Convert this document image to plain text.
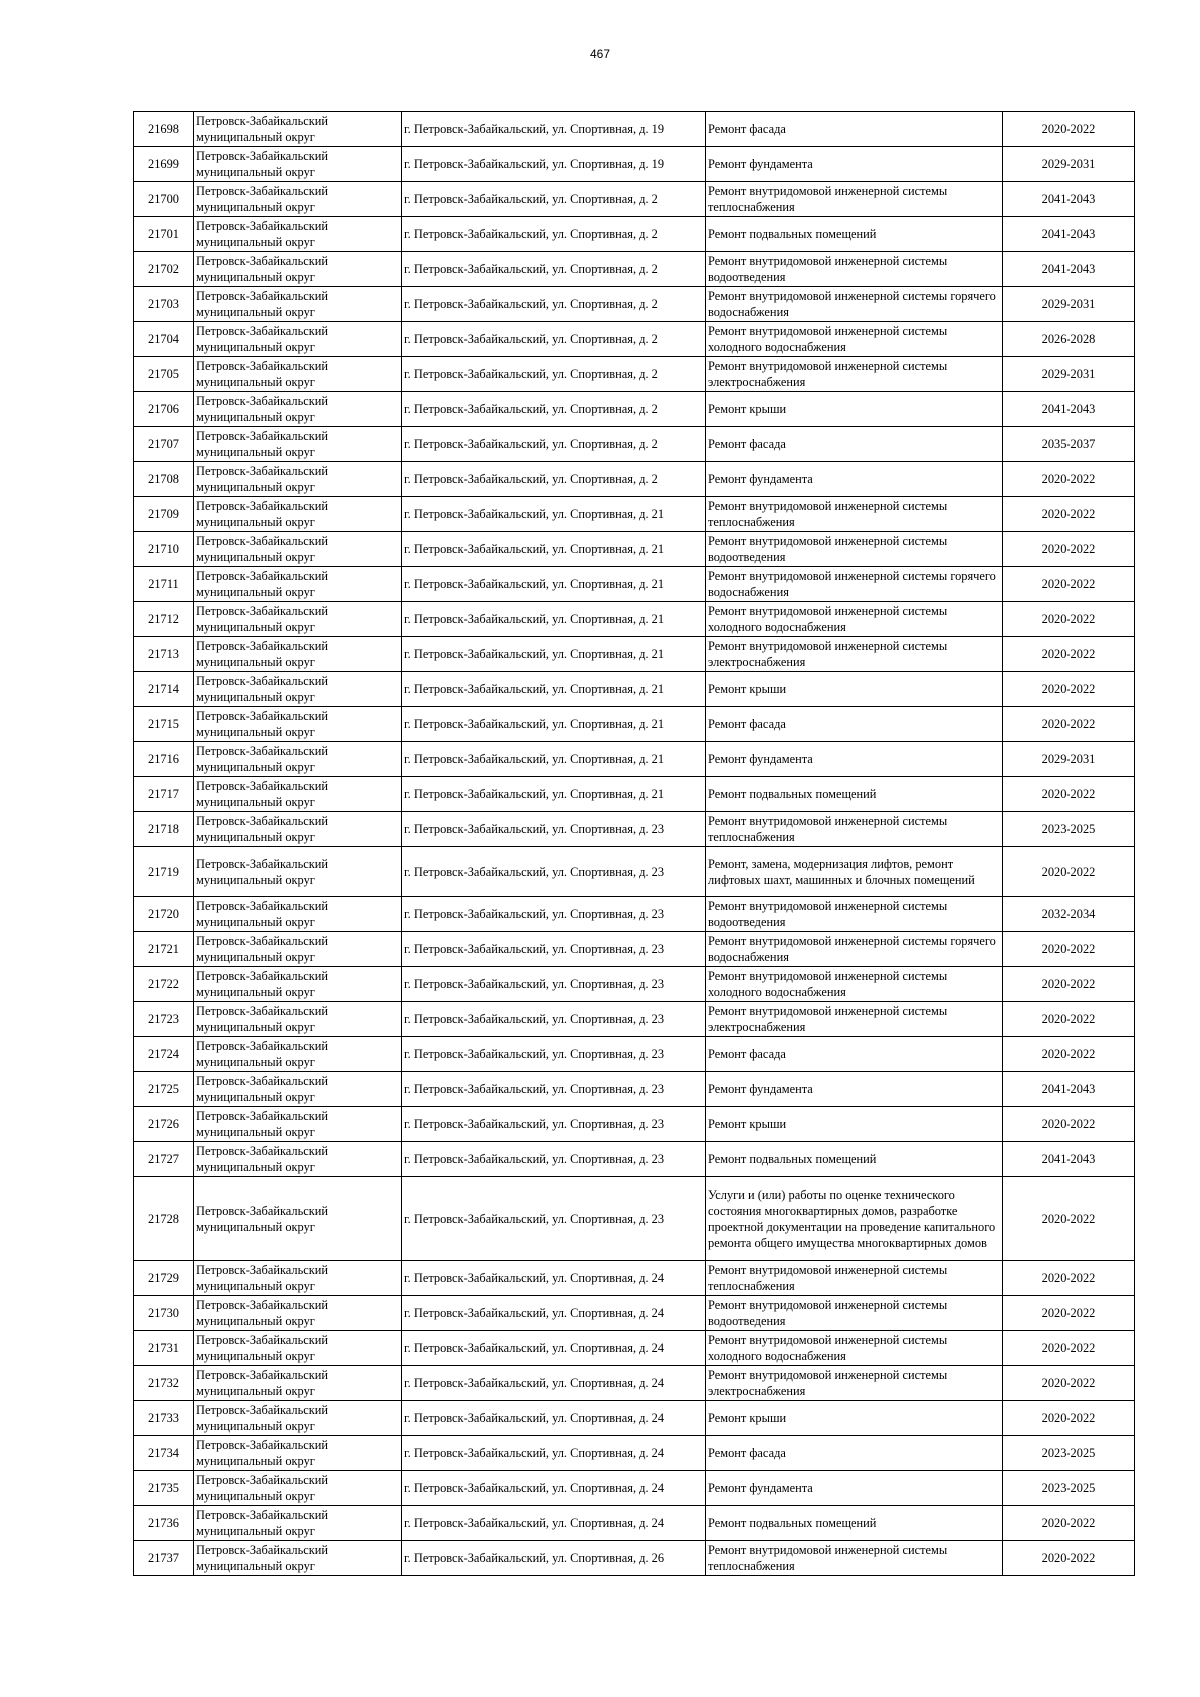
467
21698	Петровск-Забайкальский муниципальный округ	г. Петровск-Забайкальский, ул. Спортивная, д. 19	Ремонт фасада	2020-2022
21699	Петровск-Забайкальский муниципальный округ	г. Петровск-Забайкальский, ул. Спортивная, д. 19	Ремонт фундамента	2029-2031
21700	Петровск-Забайкальский муниципальный округ	г. Петровск-Забайкальский, ул. Спортивная, д. 2	Ремонт внутридомовой инженерной системы теплоснабжения	2041-2043
21701	Петровск-Забайкальский муниципальный округ	г. Петровск-Забайкальский, ул. Спортивная, д. 2	Ремонт подвальных помещений	2041-2043
21702	Петровск-Забайкальский муниципальный округ	г. Петровск-Забайкальский, ул. Спортивная, д. 2	Ремонт внутридомовой инженерной системы водоотведения	2041-2043
21703	Петровск-Забайкальский муниципальный округ	г. Петровск-Забайкальский, ул. Спортивная, д. 2	Ремонт внутридомовой инженерной системы горячего водоснабжения	2029-2031
21704	Петровск-Забайкальский муниципальный округ	г. Петровск-Забайкальский, ул. Спортивная, д. 2	Ремонт внутридомовой инженерной системы холодного водоснабжения	2026-2028
21705	Петровск-Забайкальский муниципальный округ	г. Петровск-Забайкальский, ул. Спортивная, д. 2	Ремонт внутридомовой инженерной системы электроснабжения	2029-2031
21706	Петровск-Забайкальский муниципальный округ	г. Петровск-Забайкальский, ул. Спортивная, д. 2	Ремонт крыши	2041-2043
21707	Петровск-Забайкальский муниципальный округ	г. Петровск-Забайкальский, ул. Спортивная, д. 2	Ремонт фасада	2035-2037
21708	Петровск-Забайкальский муниципальный округ	г. Петровск-Забайкальский, ул. Спортивная, д. 2	Ремонт фундамента	2020-2022
21709	Петровск-Забайкальский муниципальный округ	г. Петровск-Забайкальский, ул. Спортивная, д. 21	Ремонт внутридомовой инженерной системы теплоснабжения	2020-2022
21710	Петровск-Забайкальский муниципальный округ	г. Петровск-Забайкальский, ул. Спортивная, д. 21	Ремонт внутридомовой инженерной системы водоотведения	2020-2022
21711	Петровск-Забайкальский муниципальный округ	г. Петровск-Забайкальский, ул. Спортивная, д. 21	Ремонт внутридомовой инженерной системы горячего водоснабжения	2020-2022
21712	Петровск-Забайкальский муниципальный округ	г. Петровск-Забайкальский, ул. Спортивная, д. 21	Ремонт внутридомовой инженерной системы холодного водоснабжения	2020-2022
21713	Петровск-Забайкальский муниципальный округ	г. Петровск-Забайкальский, ул. Спортивная, д. 21	Ремонт внутридомовой инженерной системы электроснабжения	2020-2022
21714	Петровск-Забайкальский муниципальный округ	г. Петровск-Забайкальский, ул. Спортивная, д. 21	Ремонт крыши	2020-2022
21715	Петровск-Забайкальский муниципальный округ	г. Петровск-Забайкальский, ул. Спортивная, д. 21	Ремонт фасада	2020-2022
21716	Петровск-Забайкальский муниципальный округ	г. Петровск-Забайкальский, ул. Спортивная, д. 21	Ремонт фундамента	2029-2031
21717	Петровск-Забайкальский муниципальный округ	г. Петровск-Забайкальский, ул. Спортивная, д. 21	Ремонт подвальных помещений	2020-2022
21718	Петровск-Забайкальский муниципальный округ	г. Петровск-Забайкальский, ул. Спортивная, д. 23	Ремонт внутридомовой инженерной системы теплоснабжения	2023-2025
21719	Петровск-Забайкальский муниципальный округ	г. Петровск-Забайкальский, ул. Спортивная, д. 23	Ремонт, замена, модернизация лифтов, ремонт лифтовых шахт, машинных и блочных помещений	2020-2022
21720	Петровск-Забайкальский муниципальный округ	г. Петровск-Забайкальский, ул. Спортивная, д. 23	Ремонт внутридомовой инженерной системы водоотведения	2032-2034
21721	Петровск-Забайкальский муниципальный округ	г. Петровск-Забайкальский, ул. Спортивная, д. 23	Ремонт внутридомовой инженерной системы горячего водоснабжения	2020-2022
21722	Петровск-Забайкальский муниципальный округ	г. Петровск-Забайкальский, ул. Спортивная, д. 23	Ремонт внутридомовой инженерной системы холодного водоснабжения	2020-2022
21723	Петровск-Забайкальский муниципальный округ	г. Петровск-Забайкальский, ул. Спортивная, д. 23	Ремонт внутридомовой инженерной системы электроснабжения	2020-2022
21724	Петровск-Забайкальский муниципальный округ	г. Петровск-Забайкальский, ул. Спортивная, д. 23	Ремонт фасада	2020-2022
21725	Петровск-Забайкальский муниципальный округ	г. Петровск-Забайкальский, ул. Спортивная, д. 23	Ремонт фундамента	2041-2043
21726	Петровск-Забайкальский муниципальный округ	г. Петровск-Забайкальский, ул. Спортивная, д. 23	Ремонт крыши	2020-2022
21727	Петровск-Забайкальский муниципальный округ	г. Петровск-Забайкальский, ул. Спортивная, д. 23	Ремонт подвальных помещений	2041-2043
21728	Петровск-Забайкальский муниципальный округ	г. Петровск-Забайкальский, ул. Спортивная, д. 23	Услуги и (или) работы по оценке технического состояния многоквартирных домов, разработке проектной документации на проведение капитального ремонта общего имущества многоквартирных домов	2020-2022
21729	Петровск-Забайкальский муниципальный округ	г. Петровск-Забайкальский, ул. Спортивная, д. 24	Ремонт внутридомовой инженерной системы теплоснабжения	2020-2022
21730	Петровск-Забайкальский муниципальный округ	г. Петровск-Забайкальский, ул. Спортивная, д. 24	Ремонт внутридомовой инженерной системы водоотведения	2020-2022
21731	Петровск-Забайкальский муниципальный округ	г. Петровск-Забайкальский, ул. Спортивная, д. 24	Ремонт внутридомовой инженерной системы холодного водоснабжения	2020-2022
21732	Петровск-Забайкальский муниципальный округ	г. Петровск-Забайкальский, ул. Спортивная, д. 24	Ремонт внутридомовой инженерной системы электроснабжения	2020-2022
21733	Петровск-Забайкальский муниципальный округ	г. Петровск-Забайкальский, ул. Спортивная, д. 24	Ремонт крыши	2020-2022
21734	Петровск-Забайкальский муниципальный округ	г. Петровск-Забайкальский, ул. Спортивная, д. 24	Ремонт фасада	2023-2025
21735	Петровск-Забайкальский муниципальный округ	г. Петровск-Забайкальский, ул. Спортивная, д. 24	Ремонт фундамента	2023-2025
21736	Петровск-Забайкальский муниципальный округ	г. Петровск-Забайкальский, ул. Спортивная, д. 24	Ремонт подвальных помещений	2020-2022
21737	Петровск-Забайкальский муниципальный округ	г. Петровск-Забайкальский, ул. Спортивная, д. 26	Ремонт внутридомовой инженерной системы теплоснабжения	2020-2022
